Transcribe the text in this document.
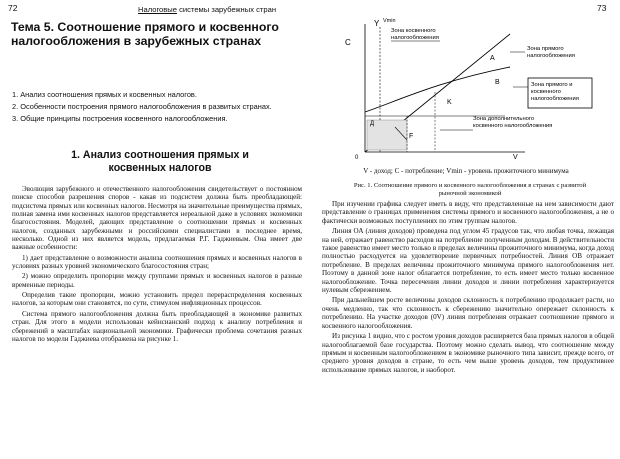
72	Налоговые системы зарубежных стран
Тема 5. Соотношение прямого и косвенного налогообложения в зарубежных странах
1. Анализ соотношения прямых и косвенных налогов.
2. Особенности построения прямого налогообложения в развитых странах.
3. Общие принципы построения косвенного налогообложения.
1. Анализ соотношения прямых и косвенных налогов

Эволюция зарубежного и отечественного налогообложения свидетельствует о постоянном поиске способов разрешения споров - какая из подсистем должна быть преобладающей: подсистема прямых или косвенных налогов. Несмотря на значительные преимущества прямых, полная замена ими косвенных налогов представляется нереальной даже в условиях экономики благосостояния. Моделей, дающих представление о соотношении прямых и косвенных налогов, созданных зарубежными и российскими специалистами в последнее время, несколько. Одной из них является модель, предлагаемая Р.Г. Гаджиевым. Она имеет две важные особенности:

1) дает представление о возможности анализа соотношения прямых и косвенных налогов в условиях разных уровней экономического благосостояния стран;

2) можно определить пропорции между группами прямых и косвенных налогов в разные временные периоды.

Определив такие пропорции, можно установить предел перераспределения косвенных налогов, за которым они становятся, по сути, стимулом инфляционных процессов.

Система прямого налогообложения должна быть преобладающей в экономике развитых стран. Для этого в модели использован кейнсианский подход к анализу потребления и сбережений в масштабах национальной экономики. Графически проблема сочетания разных налогов по модели Гаджиева отображена на рисунке 1.

73
С
Y Vmin
0
A
B
K
Д
F
Зона косвенного налогообложения
Зона прямого налогообложения
Зона прямого и косвенного налогообложения
Зона дополнительного косвенного налогообложения
V
V - доход; С - потребление; Vmin - уровень прожиточного минимума
Рис. 1. Соотношение прямого и косвенного налогообложения в странах с развитой рыночной экономикой

При изучении графика следует иметь в виду, что представленные на нем зависимости дают представление о границах применения системы прямого и косвенного налогообложения, а не о фактически возможных поступлениях по этим группам налогов.

Линия ОА (линия доходов) проведена под углом 45 градусов так, что любая точка, лежащая на ней, отражает равенство расходов на потребление полученным доходам. В действительности такое равенство имеет место только в пределах величины прожиточного минимума, когда доход полностью расходуется на удовлетворение первичных потребностей. Линия ОВ отражает потребление. В пределах величины прожиточного минимума прямого налогообложения нет. Поэтому в данной зоне налог облагается потребление, то есть имеет место только косвенное налогообложение. Точка пересечения линии доходов и линии потребления характеризуется нулевым сбережением.

При дальнейшем росте величины доходов склонность к потреблению продолжает расти, но очень медленно, так что склонность к сбережению значительно опережает склонность к потреблению. На участке доходов (0V) линия потребления отражает соотношение прямого и косвенного налогообложения.

Из рисунка 1 видно, что с ростом уровня доходов расширяется база прямых налогов в общей налогооблагаемой базе государства. Поэтому можно сделать вывод, что соотношение между прямым и косвенным налогообложением в экономике рыночного типа зависит, прежде всего, от среднего уровня доходов в стране, то есть чем выше уровень доходов, тем продуктивнее использование прямых налогов, и наоборот.
